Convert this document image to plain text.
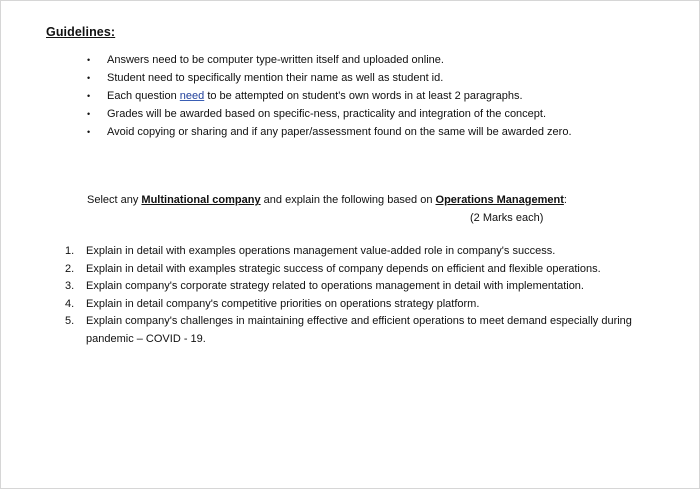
Guidelines:
•	Answers need to be computer type-written itself and uploaded online.
•	Student need to specifically mention their name as well as student id.
•	Each question need to be attempted on student's own words in at least 2 paragraphs.
•	Grades will be awarded based on specific-ness, practicality and integration of the concept.
•	Avoid copying or sharing and if any paper/assessment found on the same will be awarded zero.
Select any Multinational company and explain the following based on Operations Management:
(2 Marks each)
1. Explain in detail with examples operations management value-added role in company's success.
2. Explain in detail with examples strategic success of company depends on efficient and flexible operations.
3. Explain company's corporate strategy related to operations management in detail with implementation.
4. Explain in detail company's competitive priorities on operations strategy platform.
5. Explain company's challenges in maintaining effective and efficient operations to meet demand especially during pandemic – COVID - 19.
